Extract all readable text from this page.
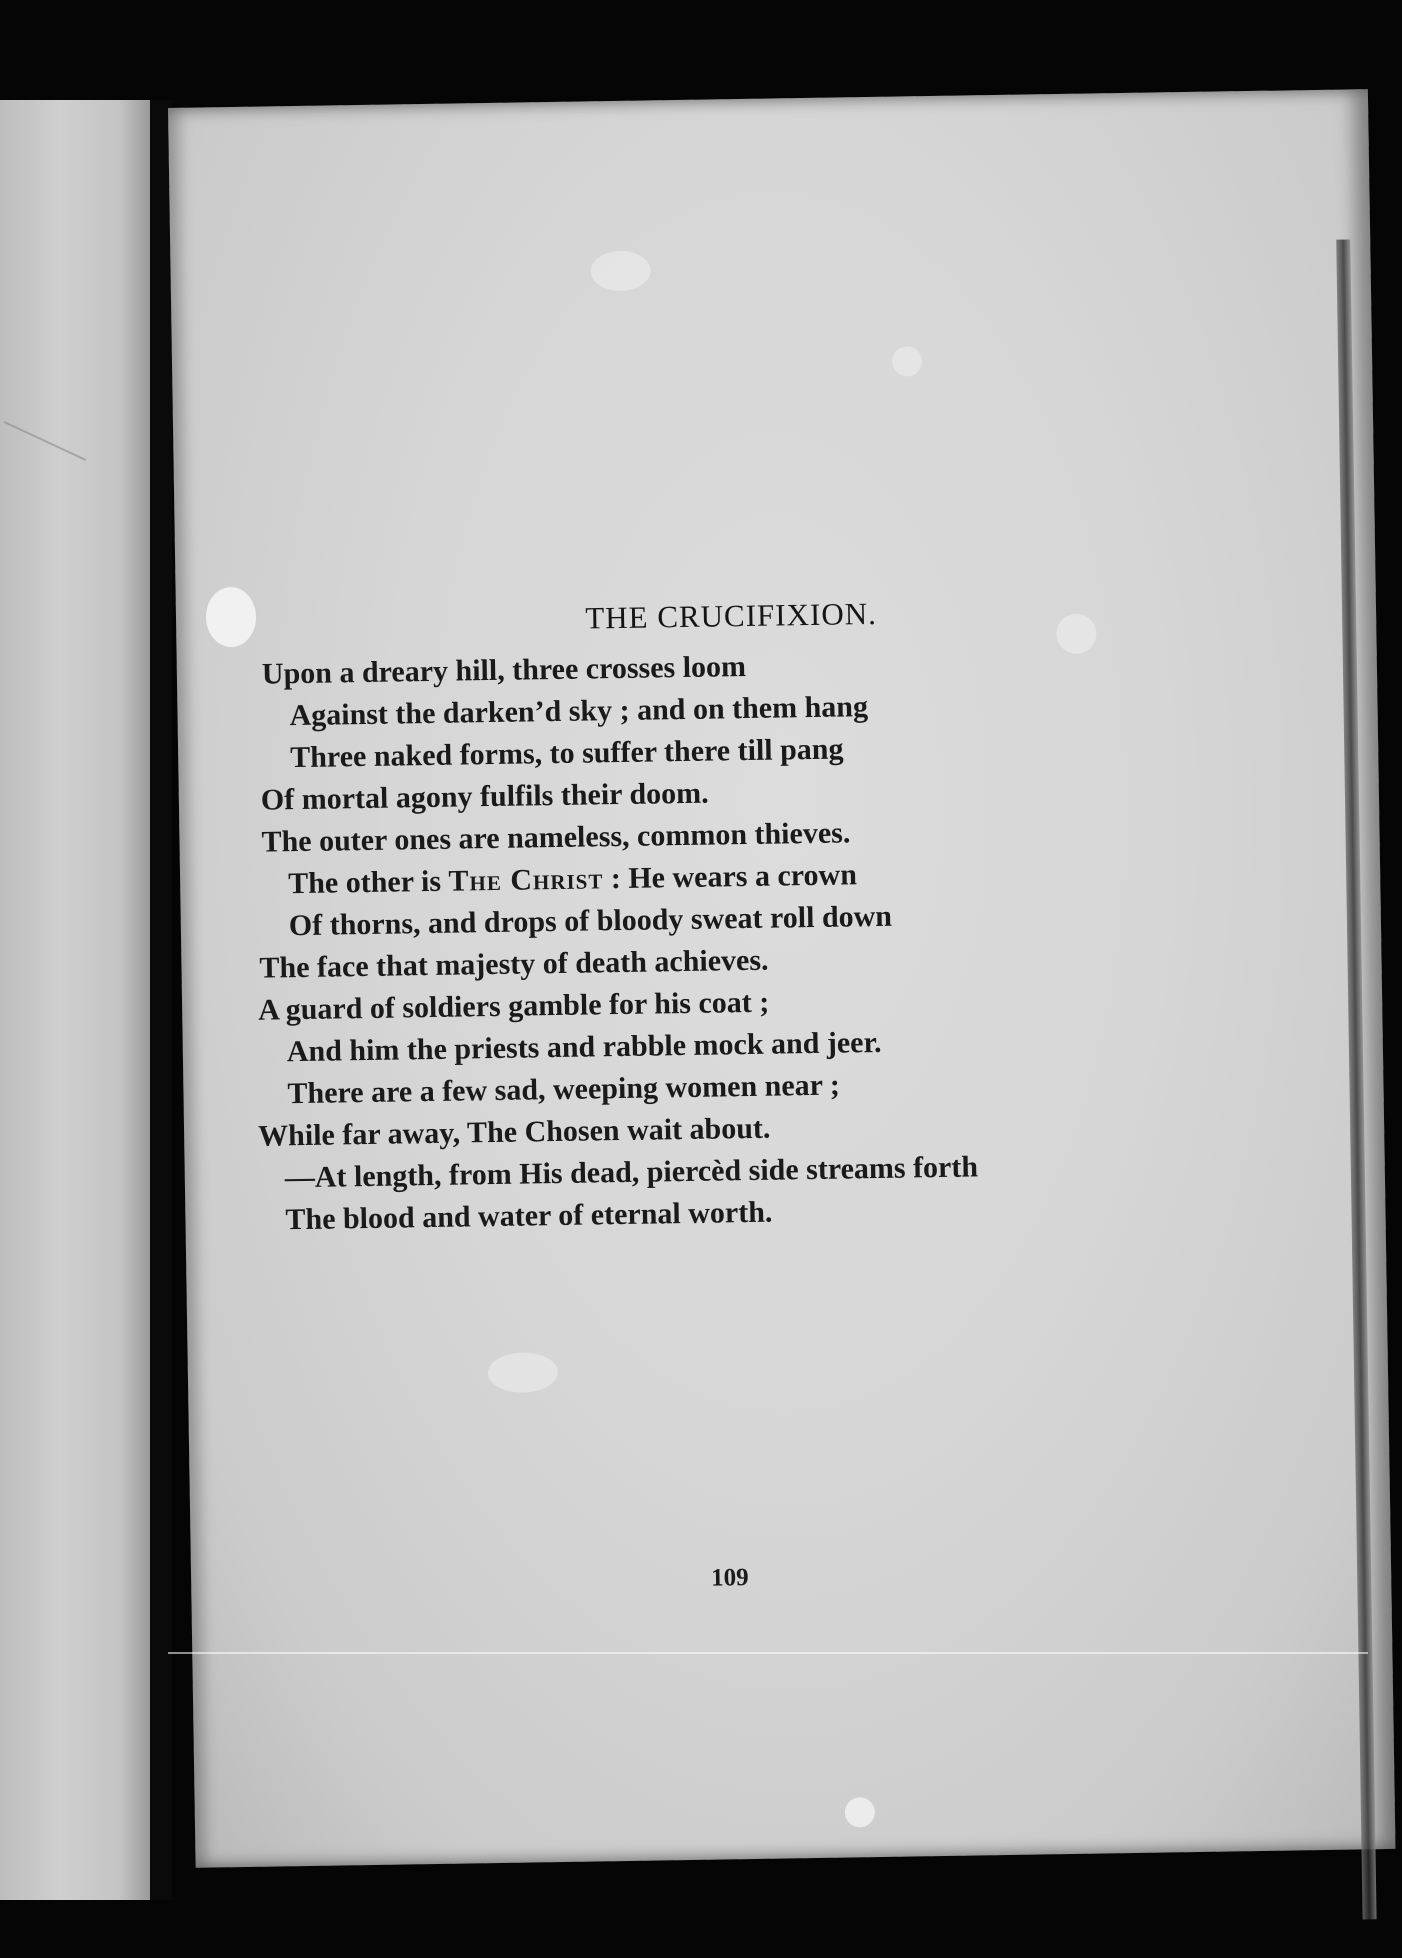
THE CRUCIFIXION.
Upon a dreary hill, three crosses loom
Against the darken’d sky ; and on them hang
Three naked forms, to suffer there till pang
Of mortal agony fulfils their doom.
The outer ones are nameless, common thieves.
The other is The Christ : He wears a crown
Of thorns, and drops of bloody sweat roll down
The face that majesty of death achieves.
A guard of soldiers gamble for his coat ;
And him the priests and rabble mock and jeer.
There are a few sad, weeping women near ;
While far away, The Chosen wait about.
—At length, from His dead, piercèd side streams forth
The blood and water of eternal worth.
109
